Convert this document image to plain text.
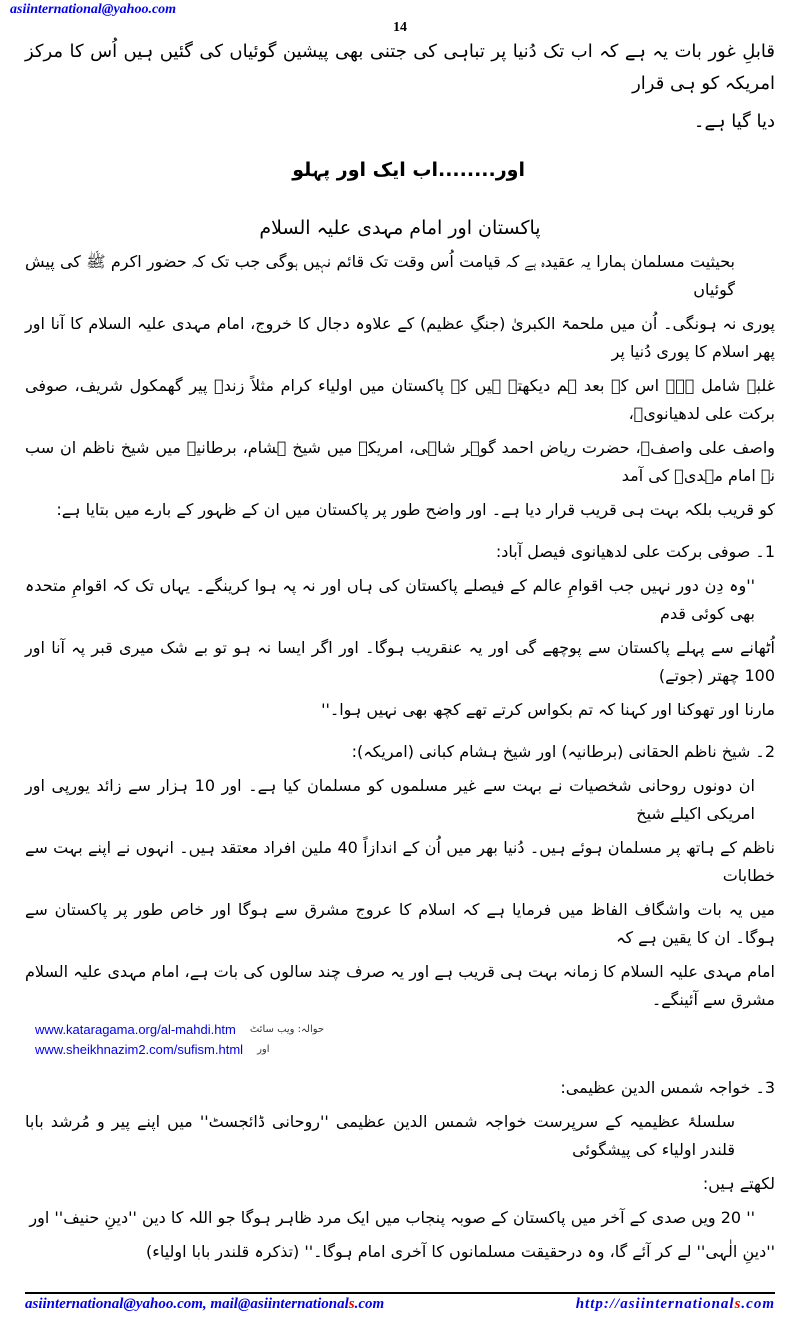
asiinternational@yahoo.com
14
قابلِ غور بات یہ ہے کہ اب تک دُنیا پر تباہی کی جتنی بھی پیشین گوئیاں کی گئیں ہیں اُس کا مرکز امریکہ کو ہی قرار
دیا گیا ہے۔
اور........اب ایک اور پہلو
پاکستان اور امام مہدی علیہ السلام
بحیثیت مسلمان ہمارا یہ عقیدہ ہے کہ قیامت اُس وقت تک قائم نہیں ہوگی جب تک کہ حضور اکرم ﷺ کی پیش گوئیاں
پوری نہ ہونگی۔ اُن میں ملحمۃ الکبریٰ (جنگِ عظیم) کے علاوہ دجال کا خروج، امام مہدی علیہ السلام کا آنا اور پھر اسلام کا پوری دُنیا پر
غلبہ شامل ہے۔ اس کے بعد ہم دیکھتے ہیں کہ پاکستان میں اولیاء کرام مثلاً زندہ پیر گھمکول شریف، صوفی برکت علی لدھیانویؒ،
واصف علی واصفؒ، حضرت ریاض احمد گوہر شاہی، امریکہ میں شیخ ہشام، برطانیہ میں شیخ ناظم ان سب نے امام مہدیؑ کی آمد
کو قریب بلکہ بہت ہی قریب قرار دیا ہے۔ اور واضح طور پر پاکستان میں ان کے ظہور کے بارے میں بتایا ہے:
1۔ صوفی برکت علی لدھیانوی فیصل آباد:
''وہ دِن دور نہیں جب اقوامِ عالم کے فیصلے پاکستان کی ہاں اور نہ پہ ہوا کرینگے۔ یہاں تک کہ اقوامِ متحدہ بھی کوئی قدم
اُٹھانے سے پہلے پاکستان سے پوچھے گی اور یہ عنقریب ہوگا۔ اور اگر ایسا نہ ہو تو بے شک میری قبر پہ آنا اور 100 چھتر (جوتے)
مارنا اور تھوکنا اور کہنا کہ تم بکواس کرتے تھے کچھ بھی نہیں ہوا۔''
2۔ شیخ ناظم الحقانی (برطانیہ) اور شیخ ہشام کبانی (امریکہ):
ان دونوں روحانی شخصیات نے بہت سے غیر مسلموں کو مسلمان کیا ہے۔ اور 10 ہزار سے زائد یورپی اور امریکی اکیلے شیخ
ناظم کے ہاتھ پر مسلمان ہوئے ہیں۔ دُنیا بھر میں اُن کے اندازاً 40 ملین افراد معتقد ہیں۔ انہوں نے اپنے بہت سے خطابات
میں یہ بات واشگاف الفاظ میں فرمایا ہے کہ اسلام کا عروج مشرق سے ہوگا اور خاص طور پر پاکستان سے ہوگا۔ ان کا یقین ہے کہ
امام مہدی علیہ السلام کا زمانہ بہت ہی قریب ہے اور یہ صرف چند سالوں کی بات ہے، امام مہدی علیہ السلام مشرق سے آئینگے۔
www.kataragama.org/al-mahdi.htm حوالہ: ویب سائٹ
www.sheikhnazim2.com/sufism.html اور
3۔ خواجہ شمس الدین عظیمی:
سلسلۂ عظیمیہ کے سرپرست خواجہ شمس الدین عظیمی ''روحانی ڈائجسٹ'' میں اپنے پیر و مُرشد بابا قلندر اولیاء کی پیشگوئی
لکھتے ہیں:
'' 20 ویں صدی کے آخر میں پاکستان کے صوبہ پنجاب میں ایک مرد ظاہر ہوگا جو اللہ کا دین ''دینِ حنیف'' اور
''دینِ الٰہی'' لے کر آئے گا، وہ درحقیقت مسلمانوں کا آخری امام ہوگا۔'' (تذکرہ قلندر بابا اولیاء)
asiinternational@yahoo.com, mail@asiinternationals.com	http://asiinternationals.com
